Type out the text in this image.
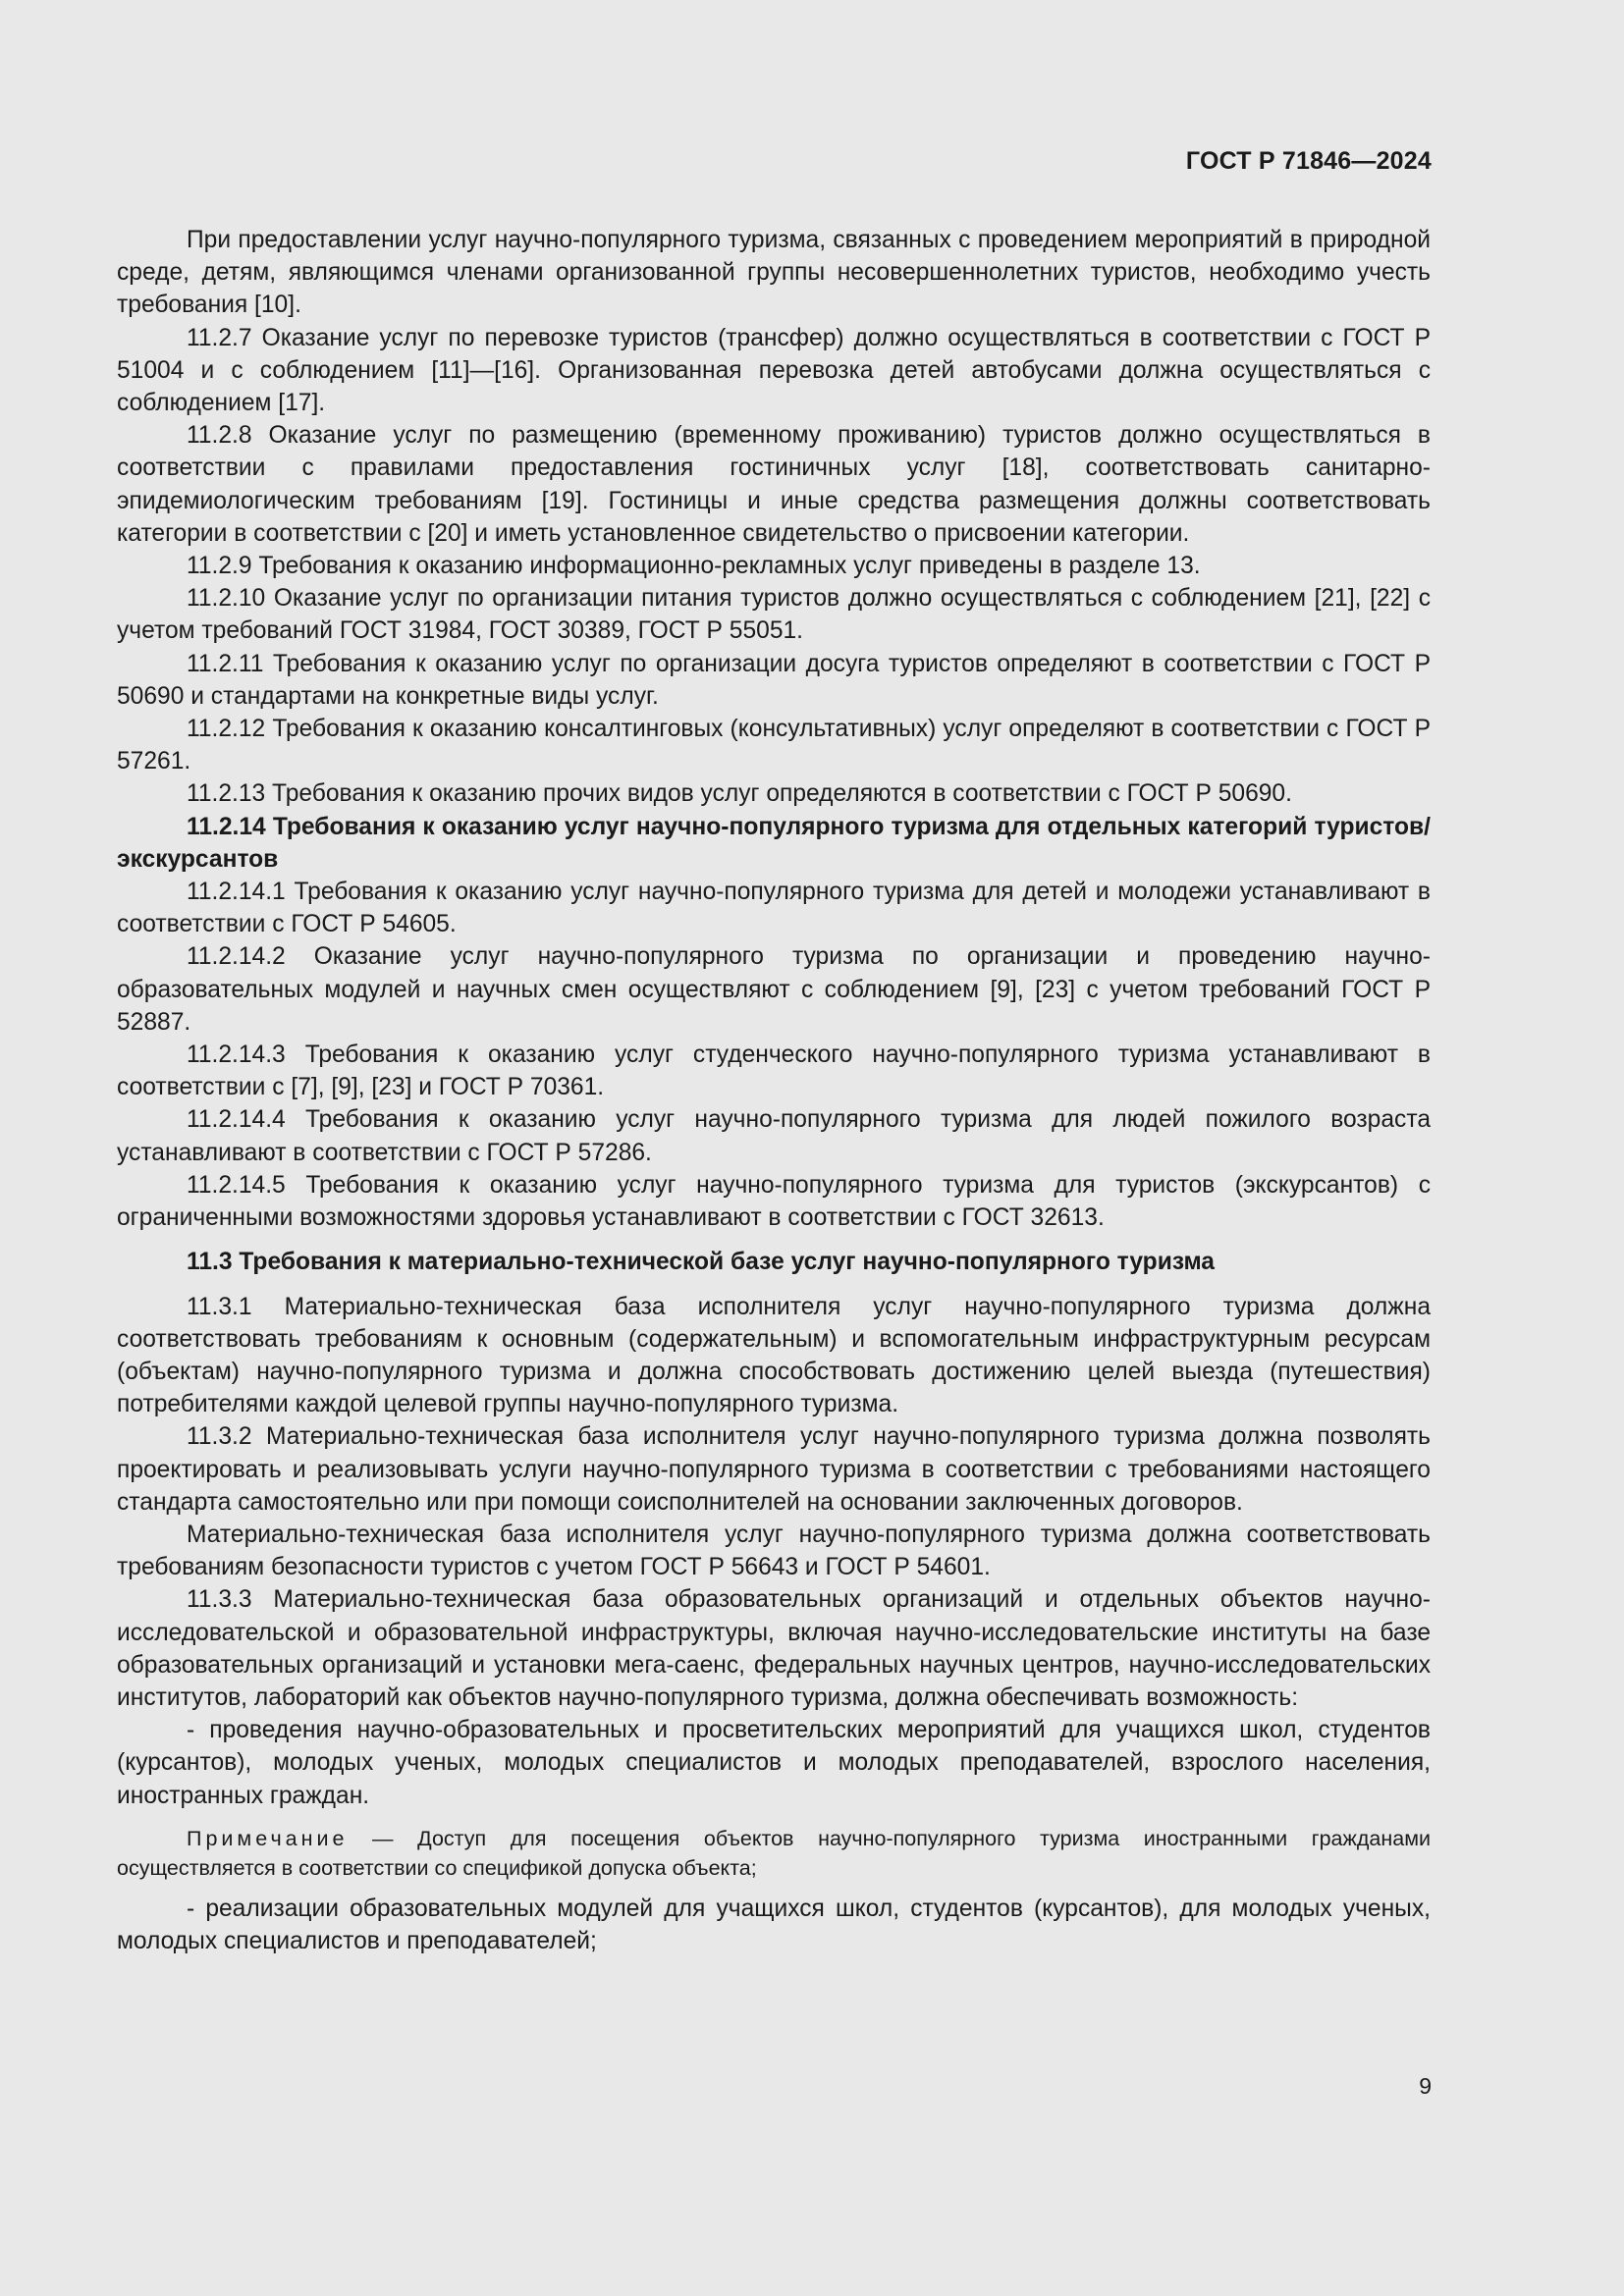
ГОСТ Р 71846—2024

При предоставлении услуг научно-популярного туризма, связанных с проведением мероприятий в природной среде, детям, являющимся членами организованной группы несовершеннолетних туристов, необходимо учесть требования [10].

11.2.7 Оказание услуг по перевозке туристов (трансфер) должно осуществляться в соответствии с ГОСТ Р 51004 и с соблюдением [11]—[16]. Организованная перевозка детей автобусами должна осуществляться с соблюдением [17].

11.2.8 Оказание услуг по размещению (временному проживанию) туристов должно осуществляться в соответствии с правилами предоставления гостиничных услуг [18], соответствовать санитарно-эпидемиологическим требованиям [19]. Гостиницы и иные средства размещения должны соответствовать категории в соответствии с [20] и иметь установленное свидетельство о присвоении категории.

11.2.9 Требования к оказанию информационно-рекламных услуг приведены в разделе 13.

11.2.10 Оказание услуг по организации питания туристов должно осуществляться с соблюдением [21], [22] с учетом требований ГОСТ 31984, ГОСТ 30389, ГОСТ Р 55051.

11.2.11 Требования к оказанию услуг по организации досуга туристов определяют в соответствии с ГОСТ Р 50690 и стандартами на конкретные виды услуг.

11.2.12 Требования к оказанию консалтинговых (консультативных) услуг определяют в соответствии с ГОСТ Р 57261.

11.2.13 Требования к оказанию прочих видов услуг определяются в соответствии с ГОСТ Р 50690.

11.2.14 Требования к оказанию услуг научно-популярного туризма для отдельных категорий туристов/экскурсантов

11.2.14.1 Требования к оказанию услуг научно-популярного туризма для детей и молодежи устанавливают в соответствии с ГОСТ Р 54605.

11.2.14.2 Оказание услуг научно-популярного туризма по организации и проведению научно-образовательных модулей и научных смен осуществляют с соблюдением [9], [23] с учетом требований ГОСТ Р 52887.

11.2.14.3 Требования к оказанию услуг студенческого научно-популярного туризма устанавливают в соответствии с [7], [9], [23] и ГОСТ Р 70361.

11.2.14.4 Требования к оказанию услуг научно-популярного туризма для людей пожилого возраста устанавливают в соответствии с ГОСТ Р 57286.

11.2.14.5 Требования к оказанию услуг научно-популярного туризма для туристов (экскурсантов) с ограниченными возможностями здоровья устанавливают в соответствии с ГОСТ 32613.

11.3 Требования к материально-технической базе услуг научно-популярного туризма

11.3.1 Материально-техническая база исполнителя услуг научно-популярного туризма должна соответствовать требованиям к основным (содержательным) и вспомогательным инфраструктурным ресурсам (объектам) научно-популярного туризма и должна способствовать достижению целей выезда (путешествия) потребителями каждой целевой группы научно-популярного туризма.

11.3.2 Материально-техническая база исполнителя услуг научно-популярного туризма должна позволять проектировать и реализовывать услуги научно-популярного туризма в соответствии с требованиями настоящего стандарта самостоятельно или при помощи соисполнителей на основании заключенных договоров.

Материально-техническая база исполнителя услуг научно-популярного туризма должна соответствовать требованиям безопасности туристов с учетом ГОСТ Р 56643 и ГОСТ Р 54601.

11.3.3 Материально-техническая база образовательных организаций и отдельных объектов научно-исследовательской и образовательной инфраструктуры, включая научно-исследовательские институты на базе образовательных организаций и установки мега-саенс, федеральных научных центров, научно-исследовательских институтов, лабораторий как объектов научно-популярного туризма, должна обеспечивать возможность:

- проведения научно-образовательных и просветительских мероприятий для учащихся школ, студентов (курсантов), молодых ученых, молодых специалистов и молодых преподавателей, взрослого населения, иностранных граждан.

Примечание — Доступ для посещения объектов научно-популярного туризма иностранными гражданами осуществляется в соответствии со спецификой допуска объекта;

- реализации образовательных модулей для учащихся школ, студентов (курсантов), для молодых ученых, молодых специалистов и преподавателей;

9
